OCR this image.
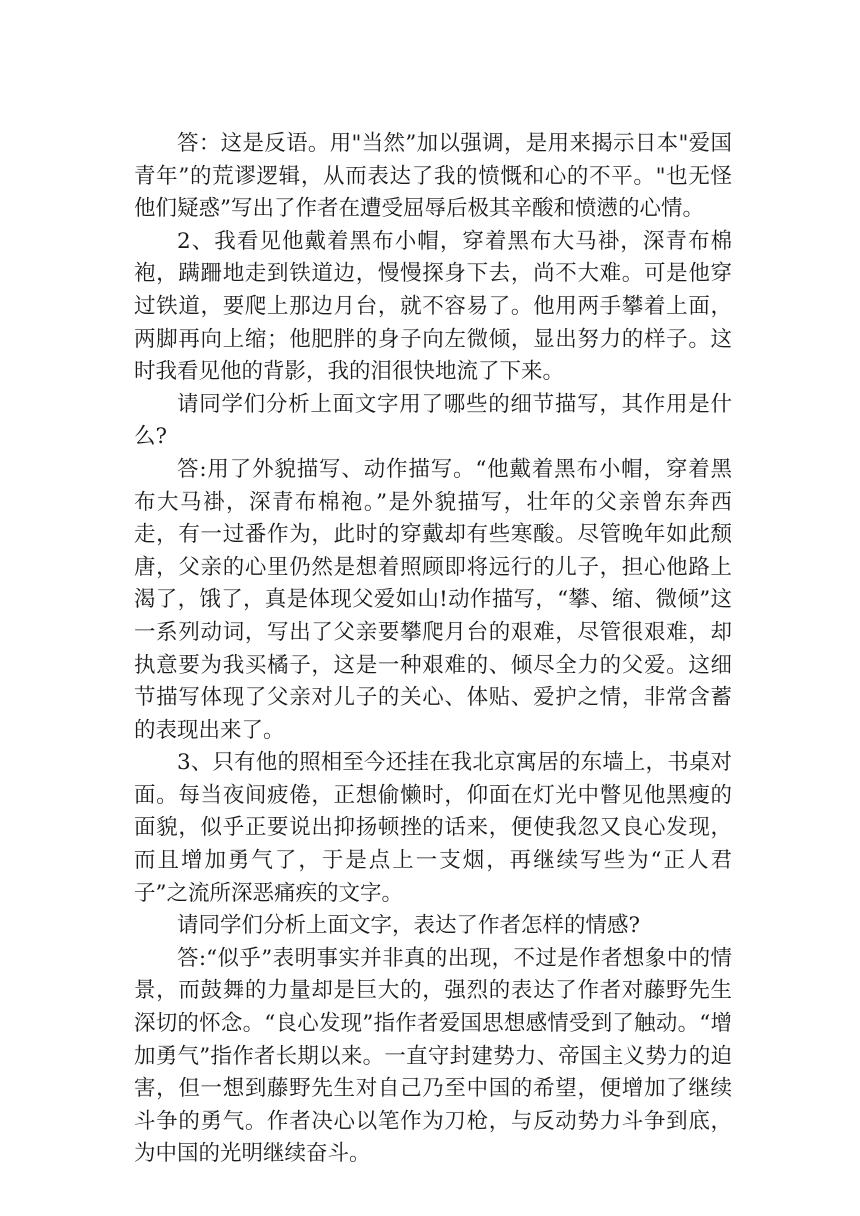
答：这是反语。用"当然”加以强调，是用来揭示日本"爱国青年”的荒谬逻辑，从而表达了我的愤慨和心的不平。"也无怪他们疑惑”写出了作者在遭受屈辱后极其辛酸和愤懑的心情。

2、我看见他戴着黑布小帽，穿着黑布大马褂，深青布棉袍，蹒跚地走到铁道边，慢慢探身下去，尚不大难。可是他穿过铁道，要爬上那边月台，就不容易了。他用两手攀着上面，两脚再向上缩；他肥胖的身子向左微倾，显出努力的样子。这时我看见他的背影，我的泪很快地流了下来。

请同学们分析上面文字用了哪些的细节描写，其作用是什么?

答:用了外貌描写、动作描写。“他戴着黑布小帽，穿着黑布大马褂，深青布棉袍。”是外貌描写，壮年的父亲曾东奔西走，有一过番作为，此时的穿戴却有些寒酸。尽管晚年如此颓唐，父亲的心里仍然是想着照顾即将远行的儿子，担心他路上渴了，饿了，真是体现父爱如山!动作描写，“攀、缩、微倾”这一系列动词，写出了父亲要攀爬月台的艰难，尽管很艰难，却执意要为我买橘子，这是一种艰难的、倾尽全力的父爱。这细节描写体现了父亲对儿子的关心、体贴、爱护之情，非常含蓄的表现出来了。

3、只有他的照相至今还挂在我北京寓居的东墙上，书桌对面。每当夜间疲倦，正想偷懒时，仰面在灯光中瞥见他黑瘦的面貌，似乎正要说出抑扬顿挫的话来，便使我忽又良心发现，而且增加勇气了，于是点上一支烟，再继续写些为“正人君子”之流所深恶痛疾的文字。

请同学们分析上面文字，表达了作者怎样的情感?

答:“似乎”表明事实并非真的出现，不过是作者想象中的情景，而鼓舞的力量却是巨大的，强烈的表达了作者对藤野先生深切的怀念。“良心发现”指作者爱国思想感情受到了触动。“增加勇气”指作者长期以来。一直守封建势力、帝国主义势力的迫害，但一想到藤野先生对自己乃至中国的希望，便增加了继续斗争的勇气。作者决心以笔作为刀枪，与反动势力斗争到底，为中国的光明继续奋斗。
